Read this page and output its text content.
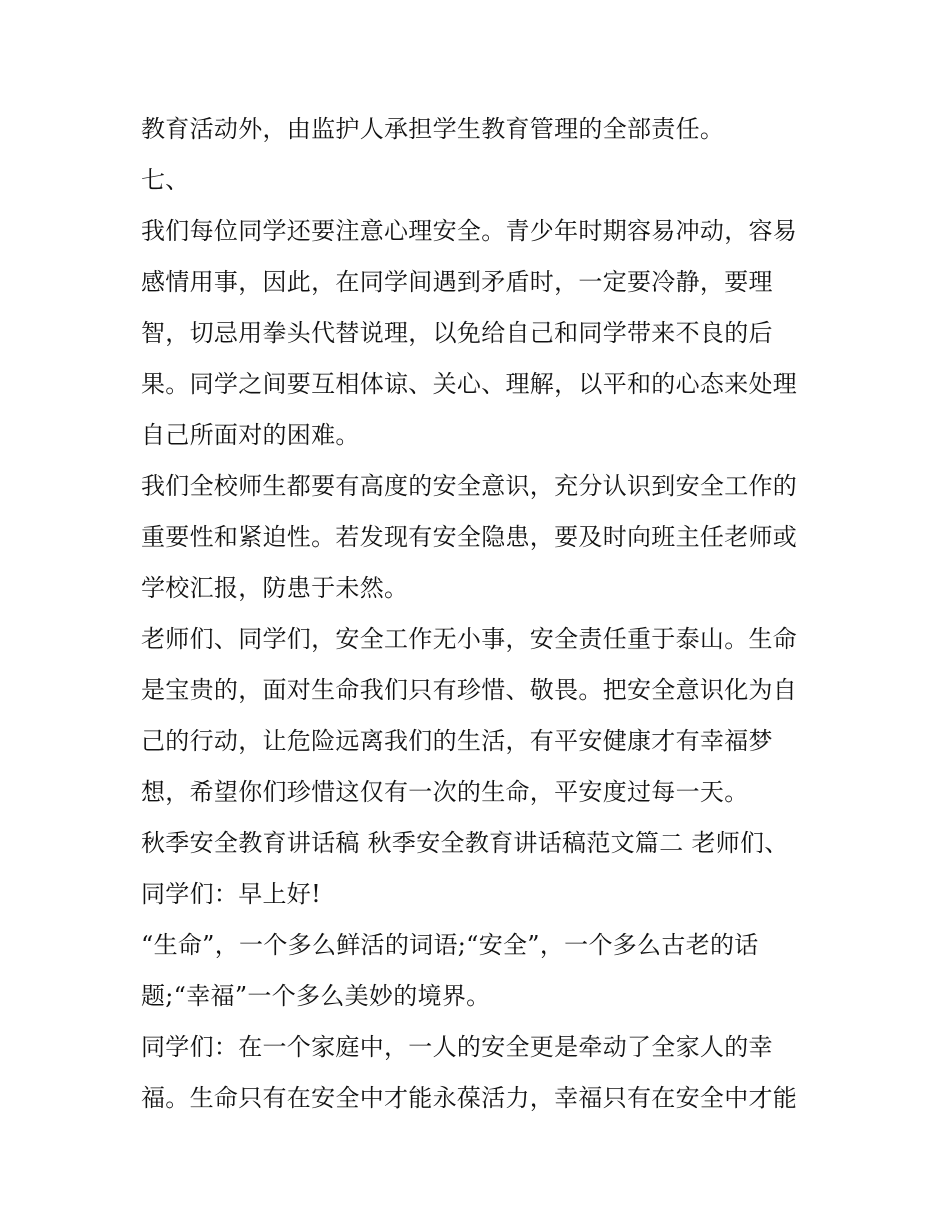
教育活动外，由监护人承担学生教育管理的全部责任。
七、
我们每位同学还要注意心理安全。青少年时期容易冲动，容易
感情用事，因此，在同学间遇到矛盾时，一定要冷静，要理
智，切忌用拳头代替说理，以免给自己和同学带来不良的后
果。同学之间要互相体谅、关心、理解，以平和的心态来处理
自己所面对的困难。
我们全校师生都要有高度的安全意识，充分认识到安全工作的
重要性和紧迫性。若发现有安全隐患，要及时向班主任老师或
学校汇报，防患于未然。
老师们、同学们，安全工作无小事，安全责任重于泰山。生命
是宝贵的，面对生命我们只有珍惜、敬畏。把安全意识化为自
己的行动，让危险远离我们的生活，有平安健康才有幸福梦
想，希望你们珍惜这仅有一次的生命，平安度过每一天。
秋季安全教育讲话稿 秋季安全教育讲话稿范文篇二 老师们、
同学们：早上好!
“生命”，一个多么鲜活的词语;“安全”，一个多么古老的话
题;“幸福”一个多么美妙的境界。
同学们：在一个家庭中，一人的安全更是牵动了全家人的幸
福。生命只有在安全中才能永葆活力，幸福只有在安全中才能
